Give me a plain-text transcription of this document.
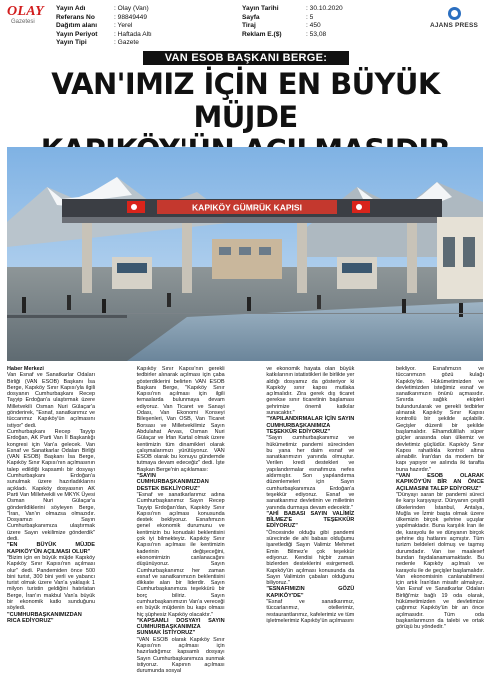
OLAY
Gazetesi
Yayın Adı	: Olay (Van)
Referans No	: 98849449
Dağıtım alanı	: Yerel
Yayın Periyot	: Haftada Altı
Yayın Tipi	: Gazete
Yayın Tarihi	: 30.10.2020
Sayfa	: 5
Tiraj	: 450
Reklam E.($)	: 53,08
AJANS PRESS
VAN ESOB BAŞKANI BERGE:
VAN'IMIZ İÇİN EN BÜYÜK MÜJDE
KAPIKÖY GÜMRÜK KAPISI

Haber Merkezi

Van Esnaf ve Sanatkarlar Odaları Birliği (VAN ESOB) Başkanı İsa Berge, Kapıköy Sınır Kapısı'yla ilgili dosyanın Cumhurbaşkanı Recep Tayyip Erdoğan'a ulaştırmak üzere Milletvekili Osman Nuri Gülaçar'a gönderirek, "Esnaf, sanatkarımız ve tüccarımız Kapıköy'ün açılmasını istiyor" dedi.

Cumhurbaşkanı Recep Tayyip Erdoğan, AK Parti Van İl Başkanlığı kongresi için Van'a gelecek. Van Esnaf ve Sanatkarlar Odaları Birliği (VAN ESOB) Başkanı İsa Berge, Kapıköy Sınır Kapısı'nın açılmasının talep edildiği kapsamlı bir dosyayı Cumhurbaşkanı Erdoğan'a sunulmak üzere hazırladıklarını açıkladı. Kapıköy dosyasının AK Parti Van Milletvekili ve MKYK Üyesi Osman Nuri Gülaçar'a gönderildiklerini söyleyen Berge, "İran, Van'ın olmazsa olmazıdır. Dosyamızı Sayın Cumhurbaşkanımıza ulaştırmak üzere Sayın vekilimize gönderdik" dedi.

"EN BÜYÜK MÜJDE KAPIKÖY'ÜN AÇILMASI OLUR"

"Bizim için en büyük müjde Kapıköy Kapıköy Sınır Kapısı'nın açılması olur" dedi. Pandemiden önce 500 bini turist, 300 bini yerli ve yabancı turist olmak üzere Van'a yaklaşık 1 milyon turistin geldiğini hatırlatan Berge, İran'ın makbul Van'a büyük bir ekonomik katkı sunduğunu söyledi.

"CUMHURBAŞKANIMIZDAN RICA EDİYORUZ"

Kapıköy Sınır Kapısı'nın gerekli tedbirler alınarak açılması için çaba gösterdiklerini belirten VAN ESOB Başkanı Berge, "Kapıköy Sınır Kapısı'nın açılması için ilgili temaslarda bulunmaya devam ediyoruz. Van Ticaret ve Sanayi Odası, Van Ekonomi Konseyi Bileşenleri, Van OSB, Van Ticaret Borsası ve Milletvekilimiz Sayın Abdulahat Arvas, Osman Nuri Gülaçar ve İrfan Kartal olmak üzere kentimizin tüm dinamikleri olarak çalışmalarımızı yürütüyoruz. VAN ESOB olarak bu konuyu gündemde tutmaya devam edeceğiz" dedi. İşte Başkan Berge'nin açıklaması:

"SAYIN CUMHURBAŞKANIMIZDAN DESTEK BEKLİYORUZ"

"Esnaf ve sanatkarlarımız adına Cumhurbaşkanımız Sayın Recep Tayyip Erdoğan'dan, Kapıköy Sınır Kapısı'nın açılması konusunda destek bekliyoruz. Esnafımızın genel ekonomik durumunu ve kentimizin bu konudaki beklentisini çok iyi bilmekteyiz. Kapıköy Sınır Kapısı'nın açılması ile kentimizin kaderinin değişeceğini, ekonomimizin canlanacağını düşünüyoruz. Sayın Cumhurbaşkanımız her zaman esnaf ve sanatkarımızın beklentisini dikkate alan bir liderdir. Sayın Cumhurbaşkanımıza teşekkürü bir borç biliriz. Sayın cumhurbaşkanımızın Van'a vereceği en büyük müjdenin bu kapı olması hiç şüphesiz Kapıköy olacaktır."

"KAPSAMLI DOSYAYI SAYIN CUMHURBAŞKANIMIZA SUNMAK İSTİYORUZ"

"VAN ESOB olarak Kapıköy Sınır Kapısı'nın açılması için hazırladığımız kapsamlı dosyayı Sayın Cumhurbaşkanımıza sunmak istiyoruz. Kapının açılması durumunda sosyal

ve ekonomik hayata olan büyük katkılarının istatistikleri ile birlikte yer aldığı dosyamız da gösteriyor ki Kapıköy sınır kapısı mutlaka açılmalıdır. Zira gerek dış ticaret gerekse sınır ticaretinin başlaması şehrimize önemli katkılar sunacaktır."

"YAPILANDIRMALAR İÇİN SAYIN CUMHURBAŞKANIMIZA TEŞEKKÜR EDİYORUZ"

"Sayın cumhurbaşkanımız ve hükümetimiz pandemi sürecinden bu yana her daim esnaf ve sanatkarımızın yanında olmuştur. Verilen kredi destekleri ve yapılandırmalar esnafımıza nefes aldırmıştır. Son yapılandırma düzenlemeleri için Sayın cumhurbaşkanımıza Erdoğan'a teşekkür ediyoruz. Esnaf ve sanatkarımız devletinin ve milletinin yanında durmaya devam edecektir."

"AHİ BABASI SAYIN VALİMİZ BİLMEZ'E TEŞEKKÜR EDİYORUZ"

"Öncesinde olduğu gibi pandemi sürecinde de ahi babası olduğumu işaretlediği Sayın Valimiz Mehmet Emin Bilmez'e çok teşekkür ediyoruz. Kendisi hiçbir zaman bizlerden desteklerini esirgemedi. Kapıköy'ün açılması konusunda da Sayın Valimizin çabaları olduğunu biliyoruz."

"ESNAFIMIZIN GÖZÜ KAPIKÖY'DE"

"Esnaf ve sanatkarımız, tüccarlarımız, otellerimiz, restaurantlarımız, kafelerimiz ve tüm işletmelerimiz Kapıköy'ün açılmasını

bekliyor. Esnafımızın ve tüccarımızın gözü kulağı Kapıköy'de. Hükümetimizden ve devletimizden isteğimiz esnaf ve sanatkarımızın önünü açmasıdır. Sınırda sağlık ekipleri bulundurularak ve gerekli tedbirler alınarak Kapıköy Sınır Kapısı kontrollü bir şekilde açılabilir. Geçişler düzenli bir şekilde başlamalıdır. Elhamdülillah süper güçler arasında olan ülkemiz ve devletimiz güçlüdür. Kapıköy Sınır Kapısı rahatlıkla kontrol altına alınabilir. İran'dan da modern bir kapı yapıyor ve aslında iki tarafta buna hazırdır."

"VAN ESOB OLARAK KAPIKÖY'ÜN BİR AN ÖNCE AÇILMASINI TALEP EDİYORUZ"

"Dünyayı saran bir pandemi süreci ile karşı karşıyayız. Dünyanın çeşitli ülkelerinden İstanbul, Antalya, Muğla ve İzmir başta olmak üzere ülkemizin birçok şehrine uçuşlar yapılmaktadır. Buna karşılık İran ile de, karayolu ile ve dünyanın birçok şehrine dış hatlarını açmıştır. Tüm turizm beldeleri dolmuş ve taşmış durumdadır. Van ise maalesef bundan faydalanamamaktadır. Bu nedenle Kapıköy açılmalı ve karayolu ile de geçişler başlamalıdır. Van ekonomisinin canlanabilmesi için artık İran'dan misafir almalıyız. Van Esnaf ve Sanatkarlar Odaları Birliği'miz bağlı 19 oda olarak, hükümetimizden ve devletimize çağrımız Kapıköy'ün bir an önce açılmasıdır. Tüm oda başkanlarımızın da talebi ve ortak görüşü bu yöndedir."
